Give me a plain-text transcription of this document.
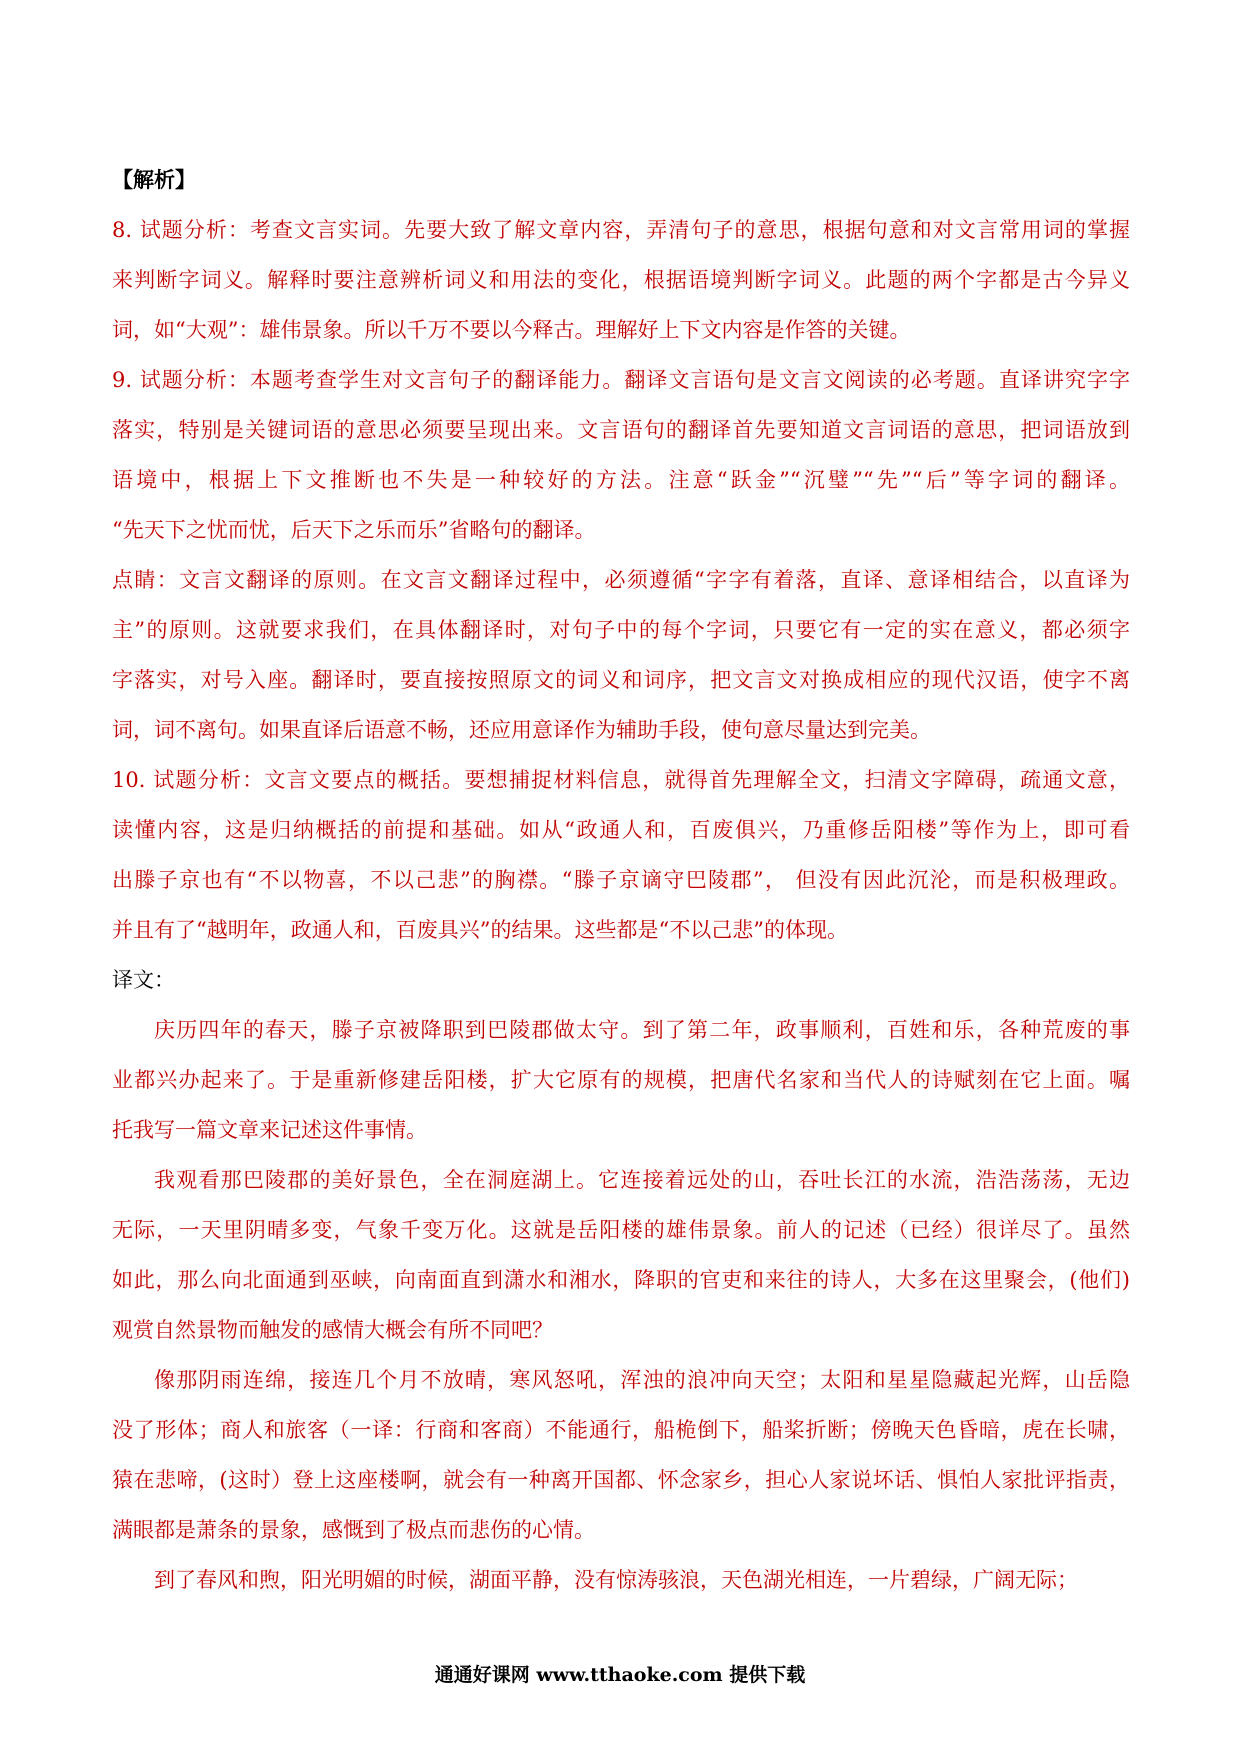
【解析】
8. 试题分析：考查文言实词。先要大致了解文章内容，弄清句子的意思，根据句意和对文言常用词的掌握
来判断字词义。解释时要注意辨析词义和用法的变化，根据语境判断字词义。此题的两个字都是古今异义
词，如“大观”：雄伟景象。所以千万不要以今释古。理解好上下文内容是作答的关键。
9. 试题分析：本题考查学生对文言句子的翻译能力。翻译文言语句是文言文阅读的必考题。直译讲究字字
落实，特别是关键词语的意思必须要呈现出来。文言语句的翻译首先要知道文言词语的意思，把词语放到
语境中，根据上下文推断也不失是一种较好的方法。注意“跃金”“沉璧”“先”“后”等字词的翻译。
“先天下之忧而忧，后天下之乐而乐”省略句的翻译。
点睛：文言文翻译的原则。在文言文翻译过程中，必须遵循“字字有着落，直译、意译相结合，以直译为
主”的原则。这就要求我们，在具体翻译时，对句子中的每个字词，只要它有一定的实在意义，都必须字
字落实，对号入座。翻译时，要直接按照原文的词义和词序，把文言文对换成相应的现代汉语，使字不离
词，词不离句。如果直译后语意不畅，还应用意译作为辅助手段，使句意尽量达到完美。
10. 试题分析：文言文要点的概括。要想捕捉材料信息，就得首先理解全文，扫清文字障碍，疏通文意，
读懂内容，这是归纳概括的前提和基础。如从“政通人和，百废俱兴，乃重修岳阳楼”等作为上，即可看
出滕子京也有“不以物喜，不以己悲”的胸襟。“滕子京谪守巴陵郡”， 但没有因此沉沦，而是积极理政。
并且有了“越明年，政通人和，百废具兴”的结果。这些都是“不以己悲”的体现。
译文：
庆历四年的春天，滕子京被降职到巴陵郡做太守。到了第二年，政事顺利，百姓和乐，各种荒废的事
业都兴办起来了。于是重新修建岳阳楼，扩大它原有的规模，把唐代名家和当代人的诗赋刻在它上面。嘱
托我写一篇文章来记述这件事情。
我观看那巴陵郡的美好景色，全在洞庭湖上。它连接着远处的山，吞吐长江的水流，浩浩荡荡，无边
无际，一天里阴晴多变，气象千变万化。这就是岳阳楼的雄伟景象。前人的记述（已经）很详尽了。虽然
如此，那么向北面通到巫峡，向南面直到潇水和湘水，降职的官吏和来往的诗人，大多在这里聚会，(他们)
观赏自然景物而触发的感情大概会有所不同吧？
像那阴雨连绵，接连几个月不放晴，寒风怒吼，浑浊的浪冲向天空；太阳和星星隐藏起光辉，山岳隐
没了形体；商人和旅客（一译：行商和客商）不能通行，船桅倒下，船桨折断；傍晚天色昏暗，虎在长啸，
猿在悲啼，(这时）登上这座楼啊，就会有一种离开国都、怀念家乡，担心人家说坏话、惧怕人家批评指责，
满眼都是萧条的景象，感慨到了极点而悲伤的心情。
到了春风和煦，阳光明媚的时候，湖面平静，没有惊涛骇浪，天色湖光相连，一片碧绿，广阔无际；
通通好课网 www.tthaoke.com 提供下载
